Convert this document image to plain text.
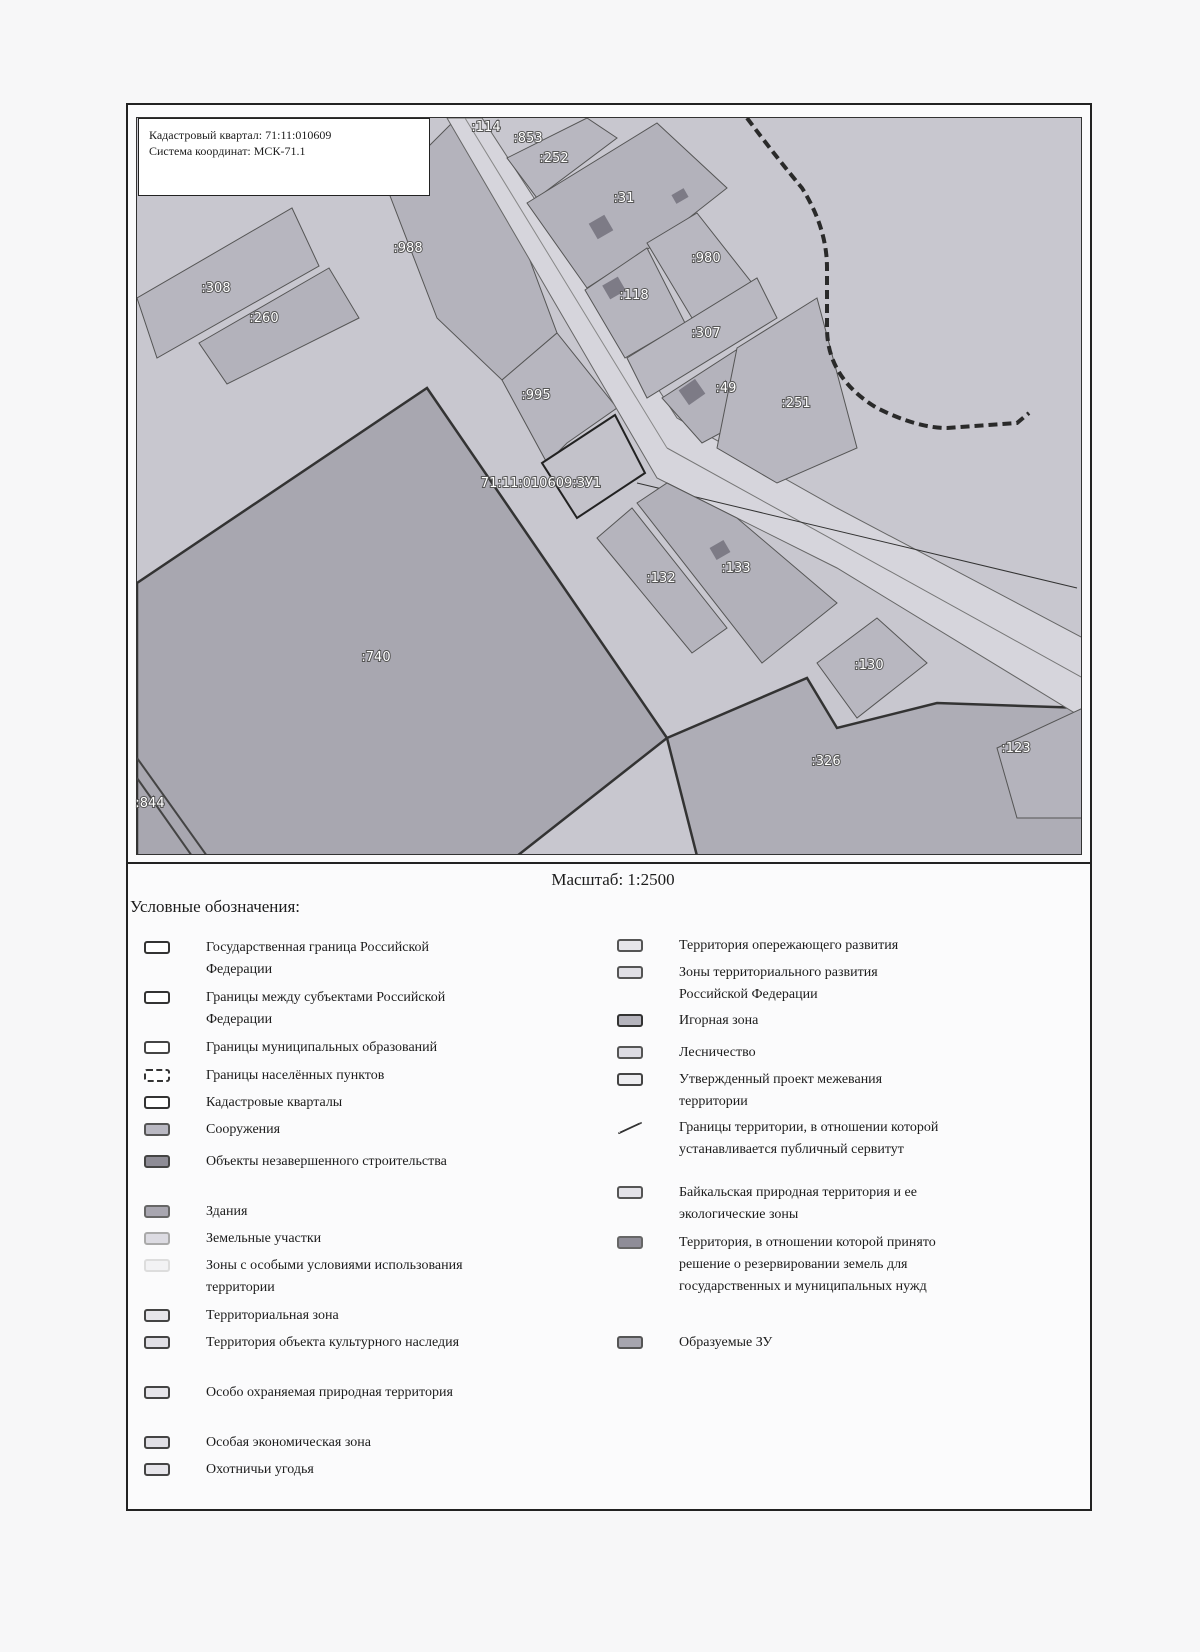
:114
:853
:252
:31
:980
:118
:307
:49
:251
:988
:308
:260
:995
71:11:010609:ЗУ1
:132
:133
:130
:740
:326
:123
:844
Кадастровый квартал: 71:11:010609
Система координат: МСК-71.1
Масштаб: 1:2500
Условные обозначения:
Государственная граница Российской Федерации
Границы между субъектами Российской Федерации
Границы муниципальных образований
Границы населённых пунктов
Кадастровые кварталы
Сооружения
Объекты незавершенного строительства
Здания
Земельные участки
Зоны с особыми условиями использования территории
Территориальная зона
Территория объекта культурного наследия
Особо охраняемая природная территория
Особая экономическая зона
Охотничьи угодья
Территория опережающего развития
Зоны территориального развития Российской Федерации
Игорная зона
Лесничество
Утвержденный проект межевания территории
Границы территории, в отношении которой устанавливается публичный сервитут
Байкальская природная территория и ее экологические зоны
Территория, в отношении которой принято решение о резервировании земель для государственных и муниципальных нужд
Образуемые ЗУ
